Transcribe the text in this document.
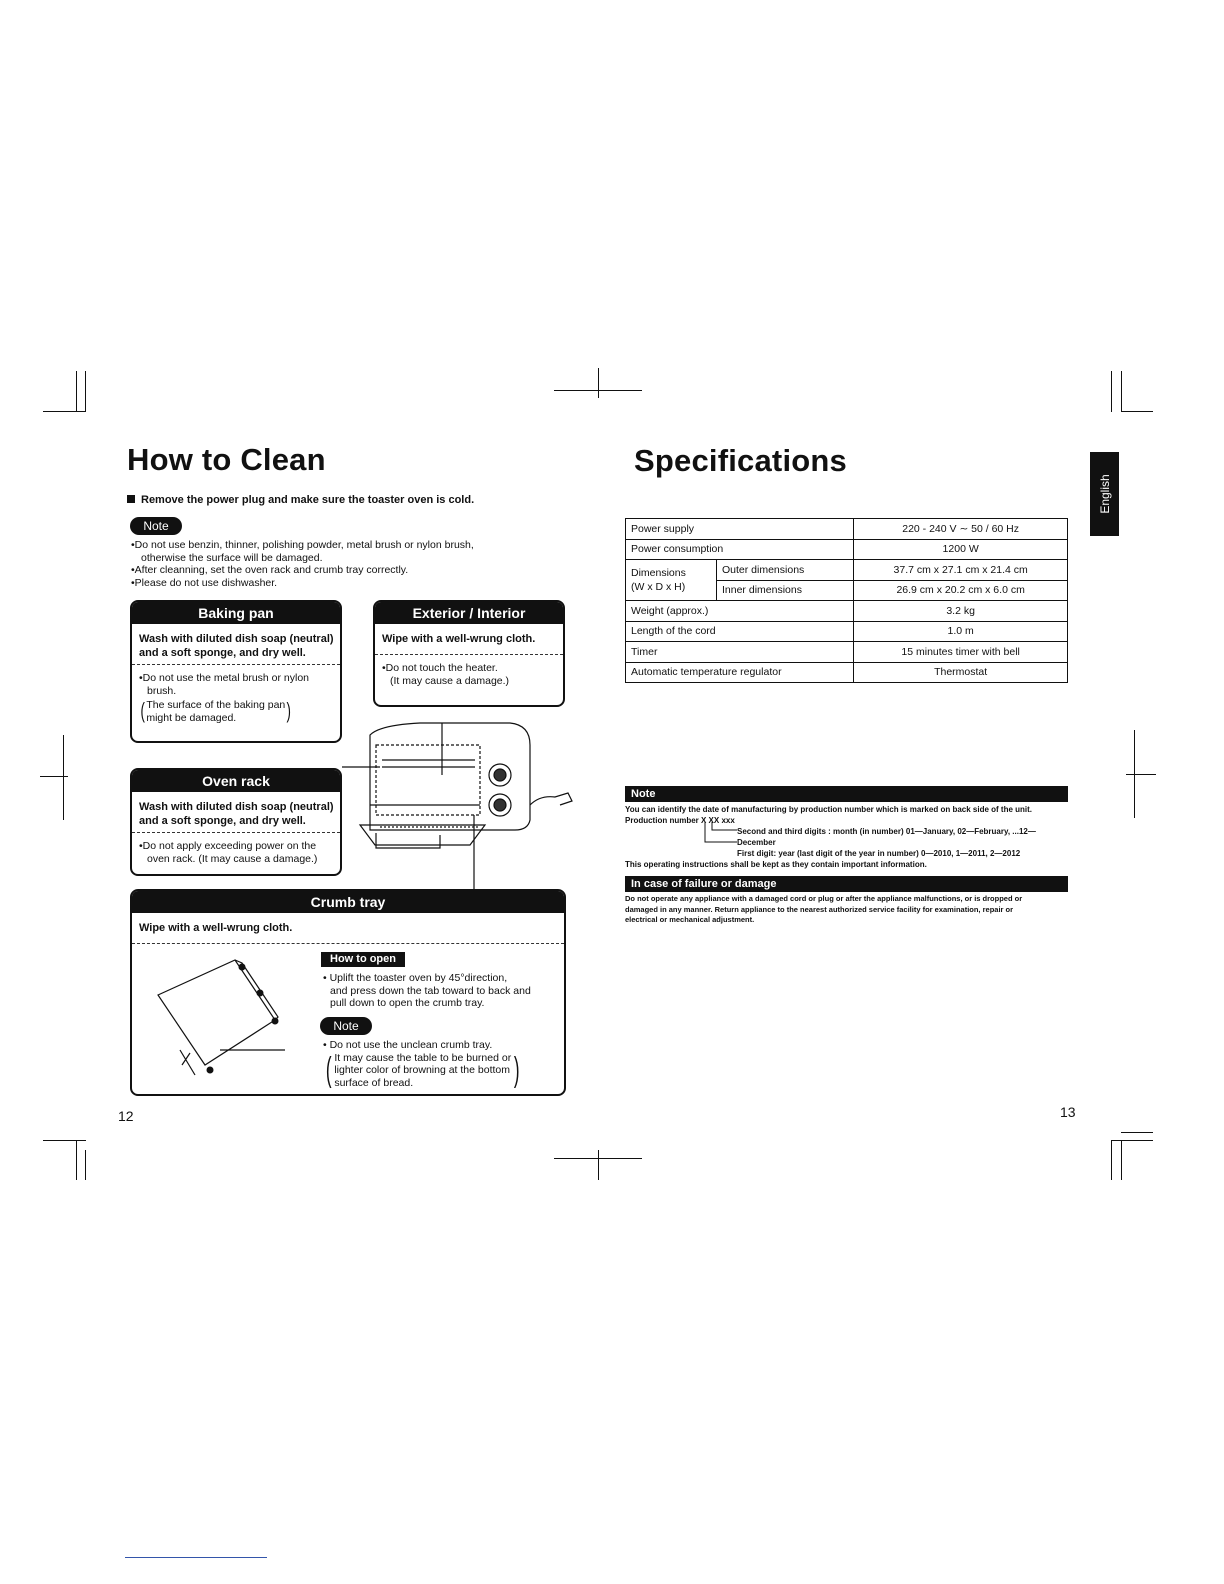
How to Clean
Remove the power plug and make sure the toaster oven is cold.
Note
•Do not use benzin, thinner, polishing powder, metal brush or nylon brush,
otherwise the surface will be damaged.
•After cleanning, set the oven rack and crumb tray correctly.
•Please do not use dishwasher.
Baking pan
Wash with diluted dish soap (neutral)
and a soft sponge, and dry well.
•Do not use the metal brush or nylon
brush.
( The surface of the baking pan
might be damaged.	)
Exterior / Interior
Wipe with a well-wrung cloth.
•Do not touch the heater.
(It may cause a damage.)
Oven rack
Wash with diluted dish soap (neutral)
and a soft sponge, and dry well.
•Do not apply exceeding power on the
oven rack. (It may cause a damage.)
Crumb tray
Wipe with a well-wrung cloth.
How to open
• Uplift the toaster oven by 45°direction,
and press down the tab toward to back and
pull down to open the crumb tray.
Note
• Do not use the unclean crumb tray.
( It may cause the table to be burned or
lighter color of browning at the bottom
surface of bread.	)
12
Specifications
English
Power supply		220 - 240 V ∼ 50 / 60 Hz
Power consumption		1200 W

Dimensions
(W x D x H)	Outer dimensions	37.7 cm x 27.1 cm x 21.4 cm
	Inner dimensions	26.9 cm x 20.2 cm x 6.0 cm
Weight (approx.)		3.2 kg
Length of the cord		1.0 m
Timer		15 minutes timer with bell
Automatic temperature regulator		Thermostat
Note
You can identify the date of manufacturing by production number which is marked on back side of the unit.
Production number X XX xxx
Second and third digits : month (in number) 01—January, 02—February, ...12—December
First digit: year (last digit of the year in number) 0—2010, 1—2011, 2—2012
This operating instructions shall be kept as they contain important information.
In case of failure or damage
Do not operate any appliance with a damaged cord or plug or after the appliance malfunctions, or is dropped or
damaged in any manner. Return appliance to the nearest authorized service facility for examination, repair or
electrical or mechanical adjustment.
13
